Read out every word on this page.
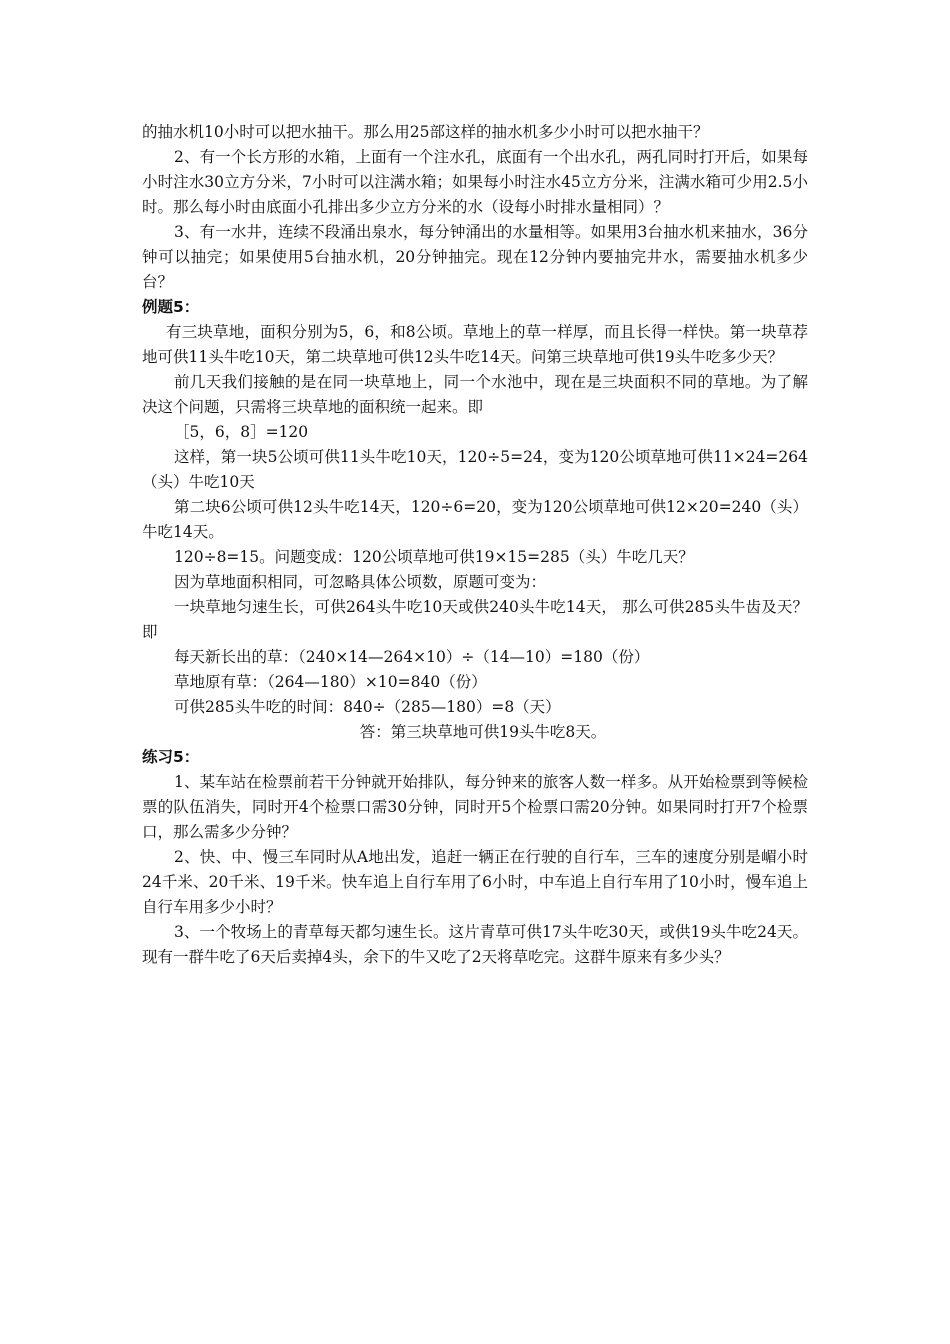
的抽水机10小时可以把水抽干。那么用25部这样的抽水机多少小时可以把水抽干？

2、有一个长方形的水箱，上面有一个注水孔，底面有一个出水孔，两孔同时打开后，如果每小时注水30立方分米，7小时可以注满水箱；如果每小时注水45立方分米，注满水箱可少用2.5小时。那么每小时由底面小孔排出多少立方分米的水（设每小时排水量相同）？

3、有一水井，连续不段涌出泉水，每分钟涌出的水量相等。如果用3台抽水机来抽水，36分钟可以抽完；如果使用5台抽水机，20分钟抽完。现在12分钟内要抽完井水，需要抽水机多少台？

例题5：

有三块草地，面积分别为5，6，和8公顷。草地上的草一样厚，而且长得一样快。第一块草荐地可供11头牛吃10天，第二块草地可供12头牛吃14天。问第三块草地可供19头牛吃多少天？

前几天我们接触的是在同一块草地上，同一个水池中，现在是三块面积不同的草地。为了解决这个问题，只需将三块草地的面积统一起来。即

［5，6，8］=120

这样，第一块5公顷可供11头牛吃10天，120÷5=24，变为120公顷草地可供11×24=264（头）牛吃10天

第二块6公顷可供12头牛吃14天，120÷6=20，变为120公顷草地可供12×20=240（头）牛吃14天。

120÷8=15。问题变成：120公顷草地可供19×15=285（头）牛吃几天？

因为草地面积相同，可忽略具体公顷数，原题可变为：

一块草地匀速生长，可供264头牛吃10天或供240头牛吃14天， 那么可供285头牛齿及天？即

每天新长出的草：（240×14—264×10）÷（14—10）=180（份）

草地原有草：（264—180）×10=840（份）

可供285头牛吃的时间：840÷（285—180）=8（天）

答：第三块草地可供19头牛吃8天。

练习5：

1、某车站在检票前若干分钟就开始排队，每分钟来的旅客人数一样多。从开始检票到等候检票的队伍消失，同时开4个检票口需30分钟，同时开5个检票口需20分钟。如果同时打开7个检票口，那么需多少分钟？

2、快、中、慢三车同时从A地出发，追赶一辆正在行驶的自行车，三车的速度分别是嵋小时24千米、20千米、19千米。快车追上自行车用了6小时，中车追上自行车用了10小时，慢车追上自行车用多少小时？

3、一个牧场上的青草每天都匀速生长。这片青草可供17头牛吃30天，或供19头牛吃24天。现有一群牛吃了6天后卖掉4头，余下的牛又吃了2天将草吃完。这群牛原来有多少头？
